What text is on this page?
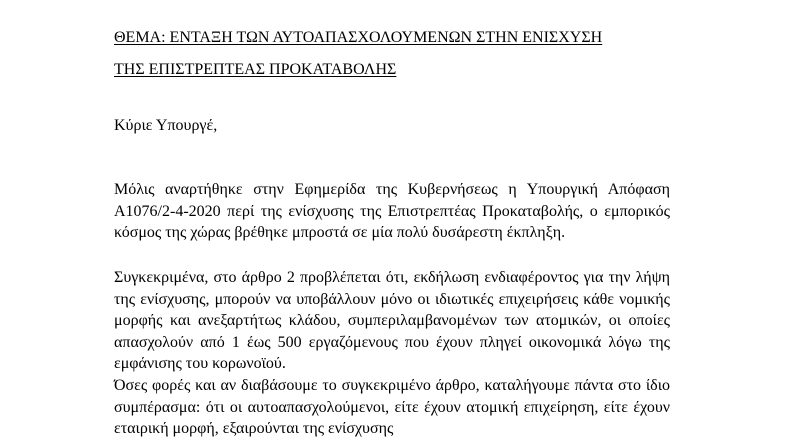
ΘΕΜΑ: ΕΝΤΑΞΗ ΤΩΝ ΑΥΤΟΑΠΑΣΧΟΛΟΥΜΕΝΩΝ ΣΤΗΝ ΕΝΙΣΧΥΣΗ
ΤΗΣ ΕΠΙΣΤΡΕΠΤΕΑΣ ΠΡΟΚΑΤΑΒΟΛΗΣ

Κύριε Υπουργέ,

Μόλις αναρτήθηκε στην Εφημερίδα της Κυβερνήσεως η Υπουργική Απόφαση Α1076/2-4-2020 περί της ενίσχυσης της Επιστρεπτέας Προκαταβολής, ο εμπορικός κόσμος της χώρας βρέθηκε μπροστά σε μία πολύ δυσάρεστη έκπληξη.

Συγκεκριμένα, στο άρθρο 2 προβλέπεται ότι, εκδήλωση ενδιαφέροντος για την λήψη της ενίσχυσης, μπορούν να υποβάλλουν μόνο οι ιδιωτικές επιχειρήσεις κάθε νομικής μορφής και ανεξαρτήτως κλάδου, συμπεριλαμβανομένων των ατομικών, οι οποίες απασχολούν από 1 έως 500 εργαζόμενους που έχουν πληγεί οικονομικά λόγω της εμφάνισης του κορωνοϊού.

Όσες φορές και αν διαβάσουμε το συγκεκριμένο άρθρο, καταλήγουμε πάντα στο ίδιο συμπέρασμα: ότι οι αυτοαπασχολούμενοι, είτε έχουν ατομική επιχείρηση, είτε έχουν εταιρική μορφή, εξαιρούνται της ενίσχυσης
